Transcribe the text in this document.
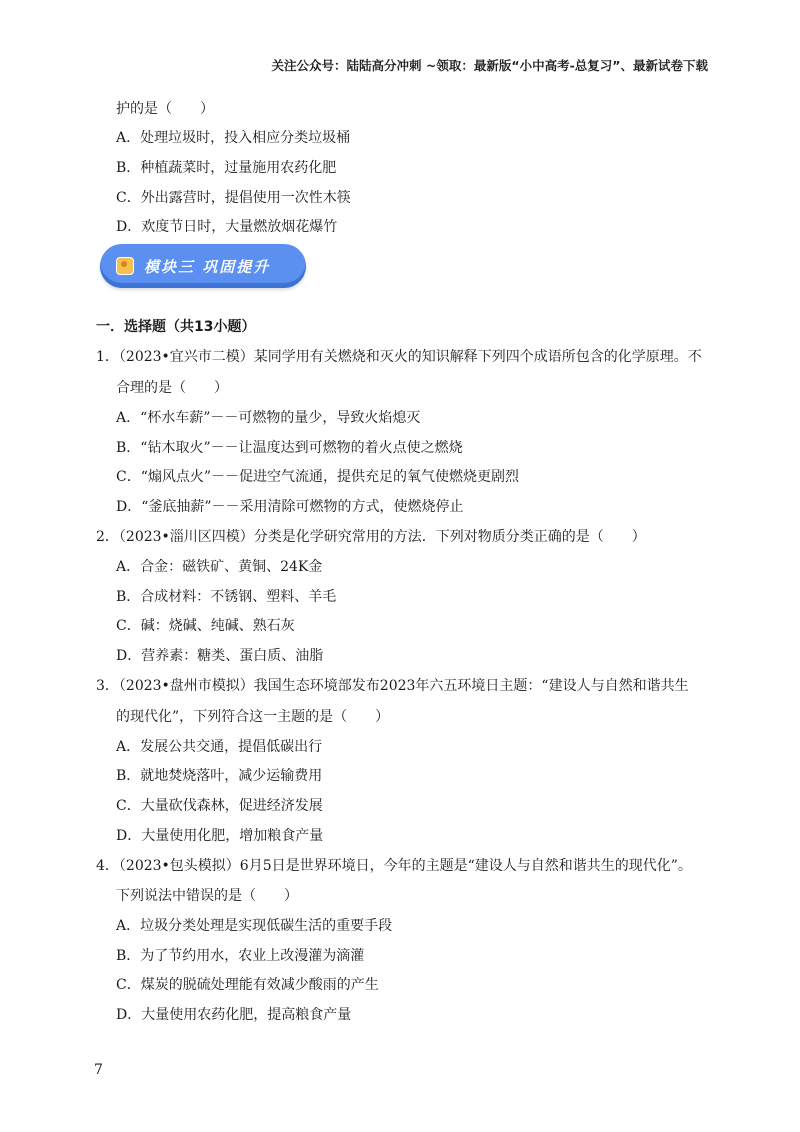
关注公众号：陆陆高分冲刺 ~领取：最新版“小中高考-总复习”、最新试卷下载
护的是（　　）
A．处理垃圾时，投入相应分类垃圾桶
B．种植蔬菜时，过量施用农药化肥
C．外出露营时，提倡使用一次性木筷
D．欢度节日时，大量燃放烟花爆竹
模块三 巩固提升
一．选择题（共13小题）
1．（2023•宜兴市二模）某同学用有关燃烧和灭火的知识解释下列四个成语所包含的化学原理。不
合理的是（　　）
A．“杯水车薪”－－可燃物的量少，导致火焰熄灭
B．“钻木取火”－－让温度达到可燃物的着火点使之燃烧
C．“煽风点火”－－促进空气流通，提供充足的氧气使燃烧更剧烈
D．“釜底抽薪”－－采用清除可燃物的方式，使燃烧停止
2．（2023•淄川区四模）分类是化学研究常用的方法．下列对物质分类正确的是（　　）
A．合金：磁铁矿、黄铜、24K金
B．合成材料：不锈钢、塑料、羊毛
C．碱：烧碱、纯碱、熟石灰
D．营养素：糖类、蛋白质、油脂
3．（2023•盘州市模拟）我国生态环境部发布2023年六五环境日主题：“建设人与自然和谐共生
的现代化”，下列符合这一主题的是（　　）
A．发展公共交通，提倡低碳出行
B．就地焚烧落叶，减少运输费用
C．大量砍伐森林，促进经济发展
D．大量使用化肥，增加粮食产量
4．（2023•包头模拟）6月5日是世界环境日，今年的主题是“建设人与自然和谐共生的现代化”。
下列说法中错误的是（　　）
A．垃圾分类处理是实现低碳生活的重要手段
B．为了节约用水，农业上改漫灌为滴灌
C．煤炭的脱硫处理能有效减少酸雨的产生
D．大量使用农药化肥，提高粮食产量
7
